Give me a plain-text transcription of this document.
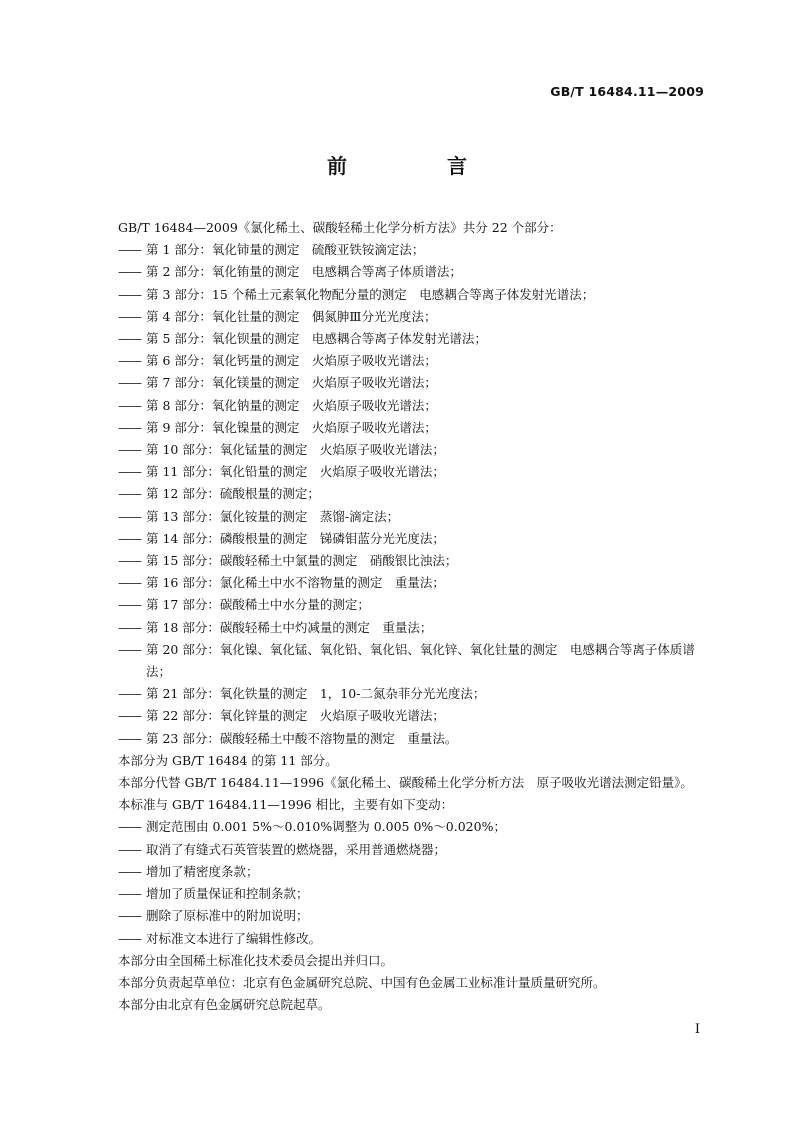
GB/T 16484.11—2009
前　言

GB/T 16484—2009《氯化稀土、碳酸轻稀土化学分析方法》共分 22 个部分：

—— 第 1 部分：氧化铈量的测定　硫酸亚铁铵滴定法；

—— 第 2 部分：氧化铕量的测定　电感耦合等离子体质谱法；

—— 第 3 部分：15 个稀土元素氧化物配分量的测定　电感耦合等离子体发射光谱法；

—— 第 4 部分：氧化钍量的测定　偶氮胂Ⅲ分光光度法；

—— 第 5 部分：氧化钡量的测定　电感耦合等离子体发射光谱法；

—— 第 6 部分：氧化钙量的测定　火焰原子吸收光谱法；

—— 第 7 部分：氧化镁量的测定　火焰原子吸收光谱法；

—— 第 8 部分：氧化钠量的测定　火焰原子吸收光谱法；

—— 第 9 部分：氧化镍量的测定　火焰原子吸收光谱法；

—— 第 10 部分：氧化锰量的测定　火焰原子吸收光谱法；

—— 第 11 部分：氧化铅量的测定　火焰原子吸收光谱法；

—— 第 12 部分：硫酸根量的测定；

—— 第 13 部分：氯化铵量的测定　蒸馏-滴定法；

—— 第 14 部分：磷酸根量的测定　锑磷钼蓝分光光度法；

—— 第 15 部分：碳酸轻稀土中氯量的测定　硝酸银比浊法；

—— 第 16 部分：氯化稀土中水不溶物量的测定　重量法；

—— 第 17 部分：碳酸稀土中水分量的测定；

—— 第 18 部分：碳酸轻稀土中灼减量的测定　重量法；

—— 第 20 部分：氧化镍、氧化锰、氧化铅、氧化铝、氧化锌、氧化钍量的测定　电感耦合等离子体质谱法；

—— 第 21 部分：氧化铁量的测定　1，10-二氮杂菲分光光度法；

—— 第 22 部分：氧化锌量的测定　火焰原子吸收光谱法；

—— 第 23 部分：碳酸轻稀土中酸不溶物量的测定　重量法。

本部分为 GB/T 16484 的第 11 部分。

本部分代替 GB/T 16484.11—1996《氯化稀土、碳酸稀土化学分析方法　原子吸收光谱法测定铅量》。

本标准与 GB/T 16484.11—1996 相比，主要有如下变动：

—— 测定范围由 0.001 5%～0.010%调整为 0.005 0%～0.020%；

—— 取消了有缝式石英管装置的燃烧器，采用普通燃烧器；

—— 增加了精密度条款；

—— 增加了质量保证和控制条款；

—— 删除了原标准中的附加说明；

—— 对标准文本进行了编辑性修改。

本部分由全国稀土标准化技术委员会提出并归口。

本部分负责起草单位：北京有色金属研究总院、中国有色金属工业标准计量质量研究所。

本部分由北京有色金属研究总院起草。

I
